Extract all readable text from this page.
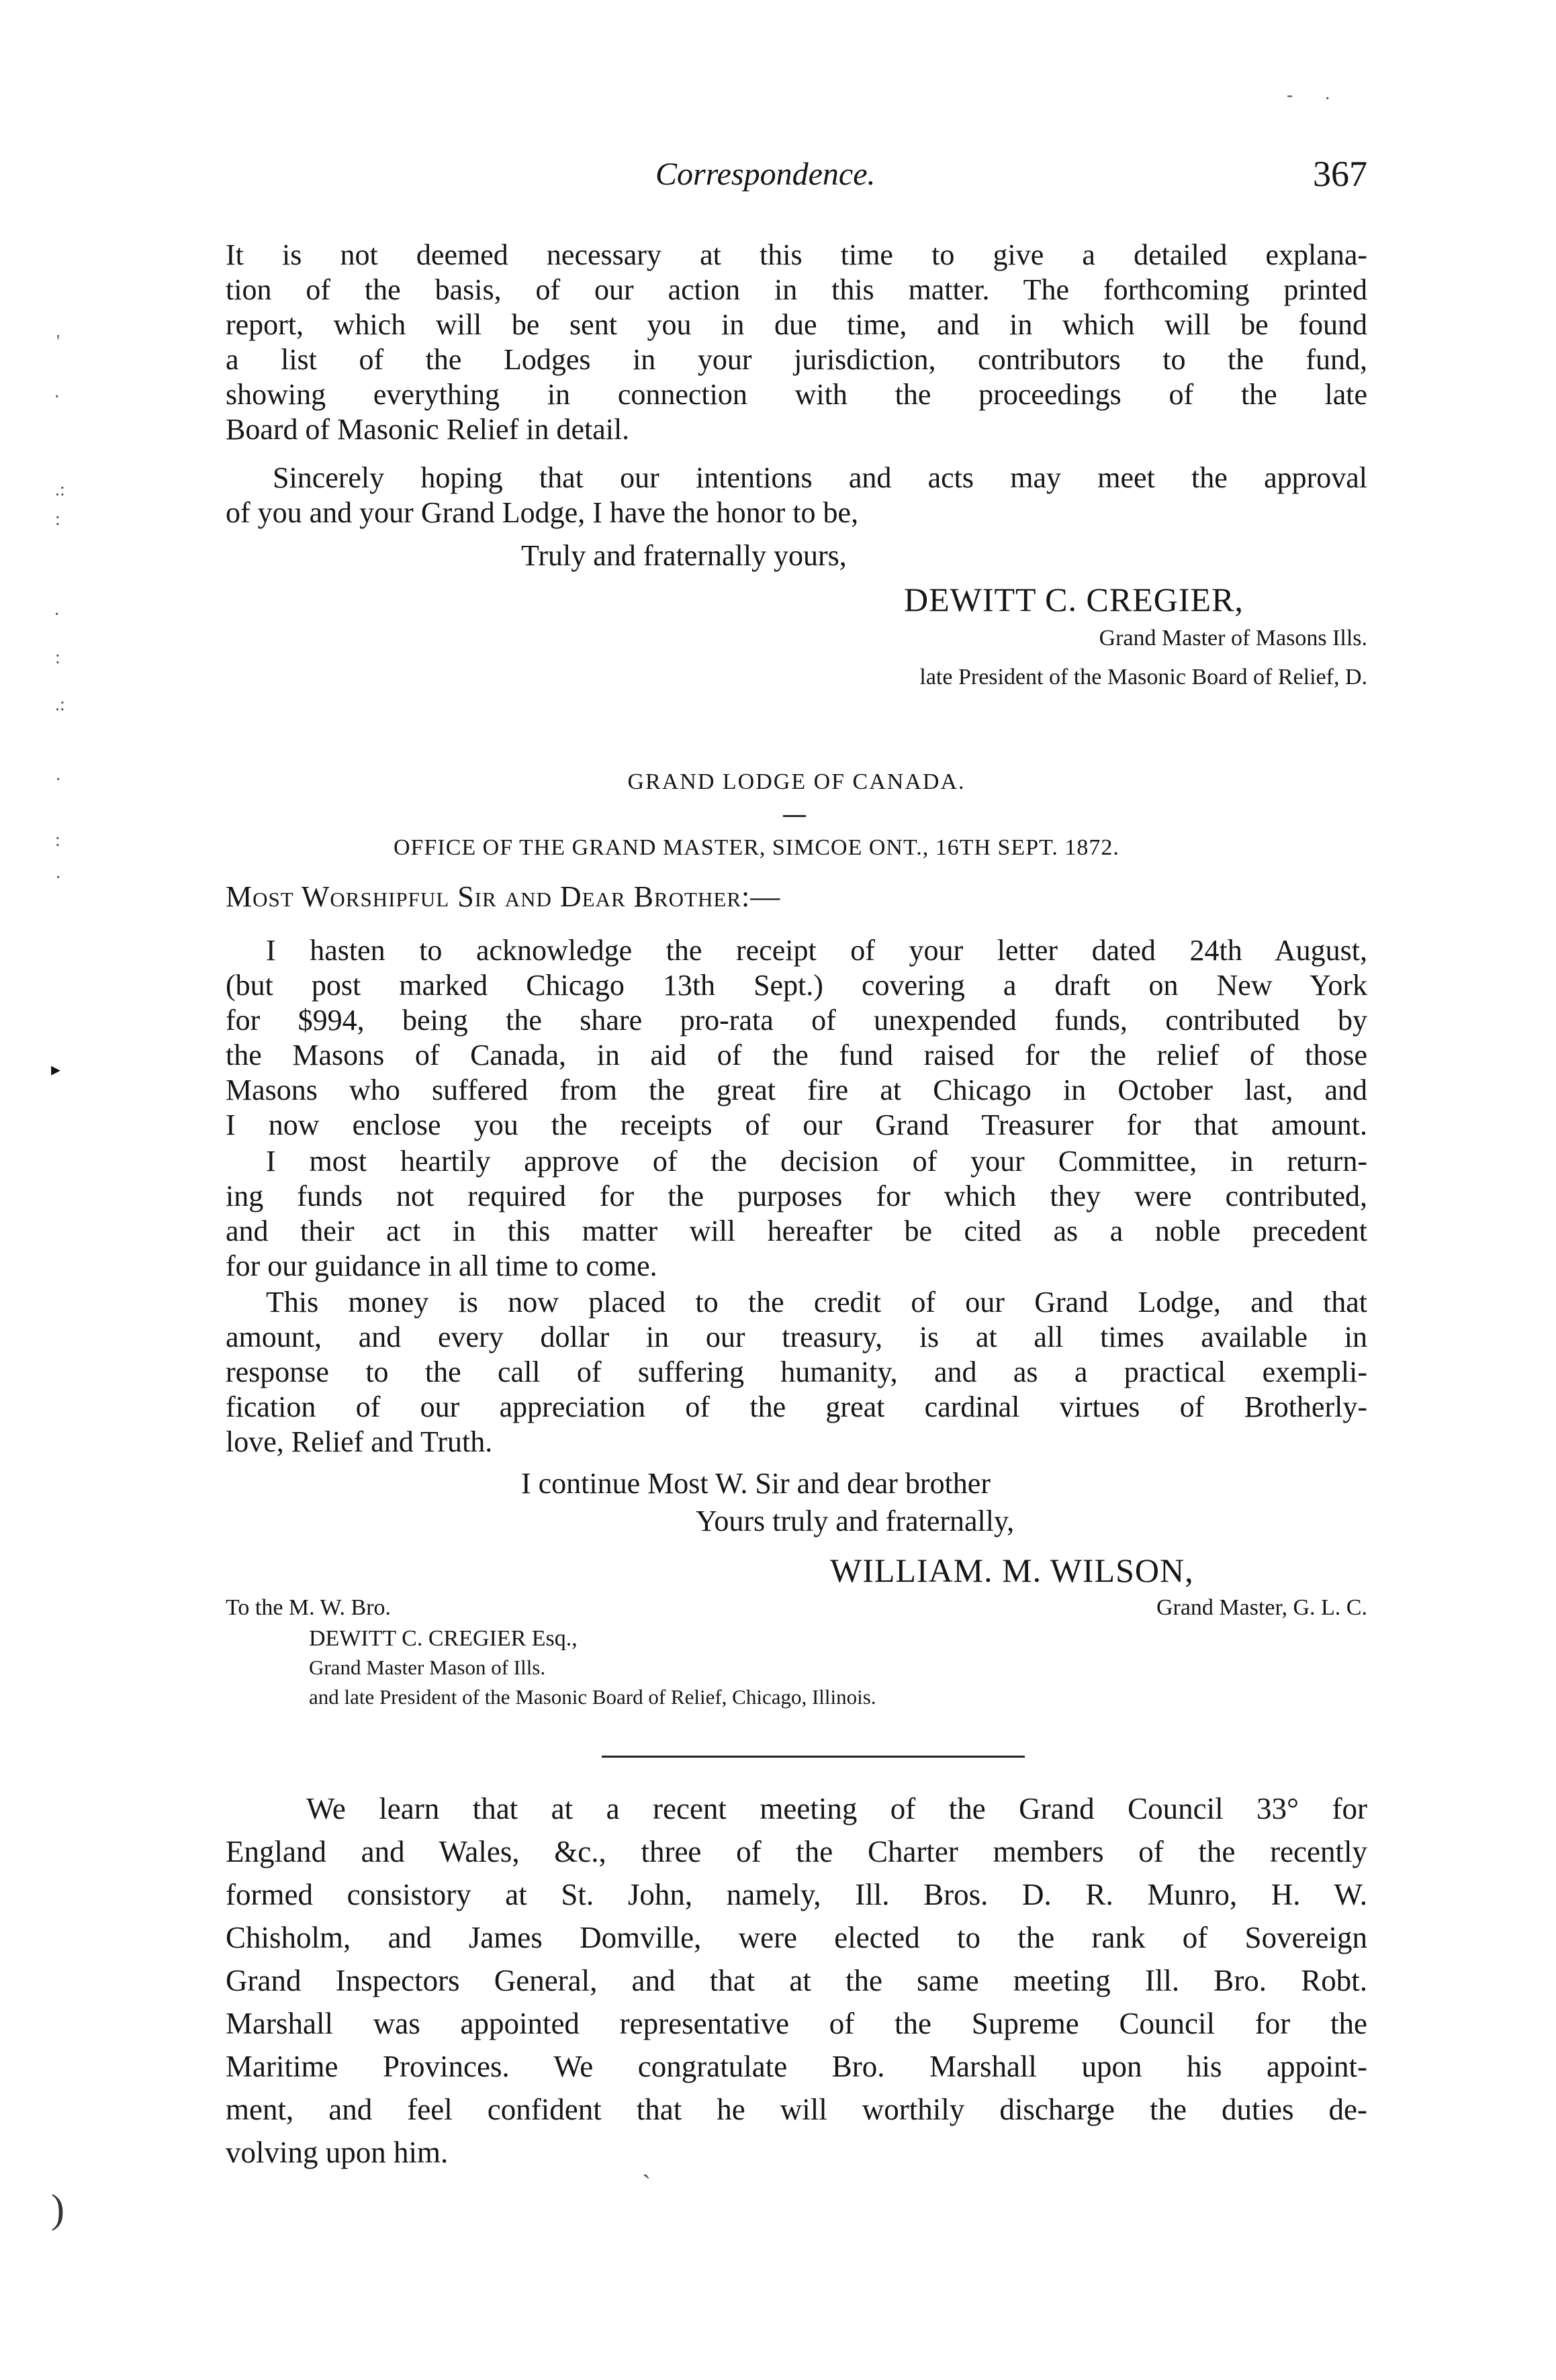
Correspondence.	367
It is not deemed necessary at this time to give a detailed explana-
tion of the basis, of our action in this matter. The forthcoming printed
report, which will be sent you in due time, and in which will be found
a list of the Lodges in your jurisdiction, contributors to the fund,
showing everything in connection with the proceedings of the late
Board of Masonic Relief in detail.
Sincerely hoping that our intentions and acts may meet the approval
of you and your Grand Lodge, I have the honor to be,
Truly and fraternally yours,
DEWITT C. CREGIER,
Grand Master of Masons Ills.
late President of the Masonic Board of Relief, D.
GRAND LODGE OF CANADA.
OFFICE OF THE GRAND MASTER, SIMCOE ONT., 16TH SEPT. 1872.
Most Worshipful Sir and Dear Brother:—
I hasten to acknowledge the receipt of your letter dated 24th August,
(but post marked Chicago 13th Sept.) covering a draft on New York
for $994, being the share pro-rata of unexpended funds, contributed by
the Masons of Canada, in aid of the fund raised for the relief of those
Masons who suffered from the great fire at Chicago in October last, and
I now enclose you the receipts of our Grand Treasurer for that amount.
I most heartily approve of the decision of your Committee, in return-
ing funds not required for the purposes for which they were contributed,
and their act in this matter will hereafter be cited as a noble precedent
for our guidance in all time to come.
This money is now placed to the credit of our Grand Lodge, and that
amount, and every dollar in our treasury, is at all times available in
response to the call of suffering humanity, and as a practical exempli-
fication of our appreciation of the great cardinal virtues of Brotherly-
love, Relief and Truth.
I continue Most W. Sir and dear brother
Yours truly and fraternally,
WILLIAM. M. WILSON,
To the M. W. Bro.	Grand Master, G. L. C.
DEWITT C. CREGIER Esq.,
Grand Master Mason of Ills.
and late President of the Masonic Board of Relief, Chicago, Illinois.
We learn that at a recent meeting of the Grand Council 33° for
England and Wales, &c., three of the Charter members of the recently
formed consistory at St. John, namely, Ill. Bros. D. R. Munro, H. W.
Chisholm, and James Domville, were elected to the rank of Sovereign
Grand Inspectors General, and that at the same meeting Ill. Bro. Robt.
Marshall was appointed representative of the Supreme Council for the
Maritime Provinces. We congratulate Bro. Marshall upon his appoint-
ment, and feel confident that he will worthily discharge the duties de-
volving upon him.
'
·
.:
:
·
:
.:
·
:
·
▸
)
- ·
`
